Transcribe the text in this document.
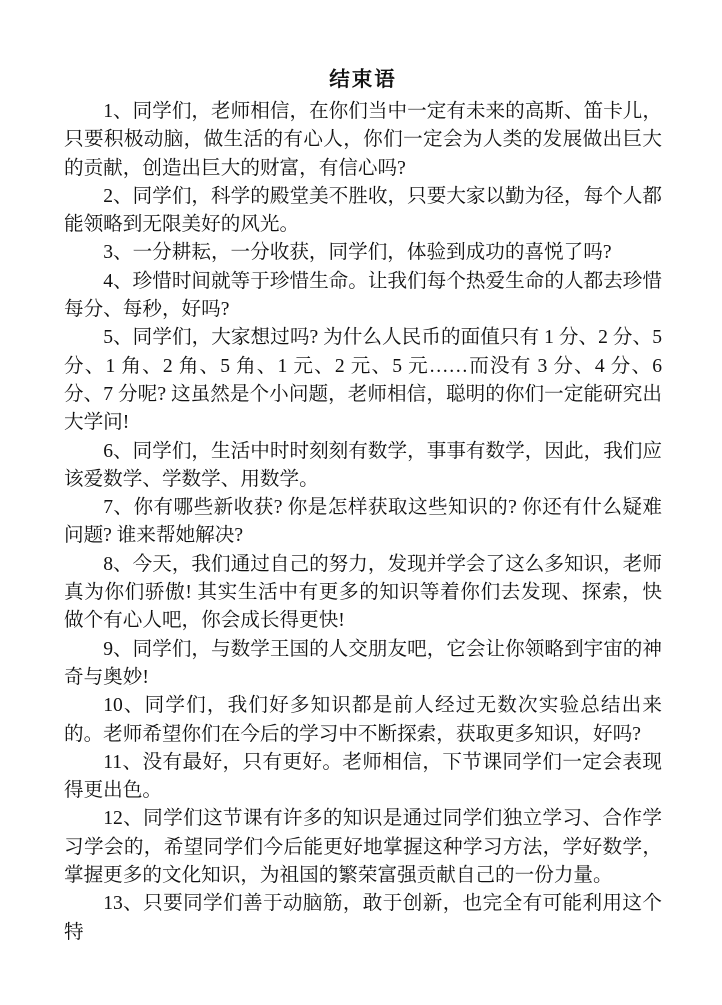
结束语

1、同学们，老师相信，在你们当中一定有未来的高斯、笛卡儿，只要积极动脑，做生活的有心人，你们一定会为人类的发展做出巨大的贡献，创造出巨大的财富，有信心吗?

2、同学们，科学的殿堂美不胜收，只要大家以勤为径，每个人都能领略到无限美好的风光。

3、一分耕耘，一分收获，同学们，体验到成功的喜悦了吗?

4、珍惜时间就等于珍惜生命。让我们每个热爱生命的人都去珍惜每分、每秒，好吗?

5、同学们，大家想过吗? 为什么人民币的面值只有 1 分、2 分、5 分、1 角、2 角、5 角、1 元、2 元、5 元……而没有 3 分、4 分、6 分、7 分呢? 这虽然是个小问题，老师相信，聪明的你们一定能研究出大学问!

6、同学们，生活中时时刻刻有数学，事事有数学，因此，我们应该爱数学、学数学、用数学。

7、你有哪些新收获? 你是怎样获取这些知识的? 你还有什么疑难问题? 谁来帮她解决?

8、今天，我们通过自己的努力，发现并学会了这么多知识，老师真为你们骄傲! 其实生活中有更多的知识等着你们去发现、探索，快做个有心人吧，你会成长得更快!

9、同学们，与数学王国的人交朋友吧，它会让你领略到宇宙的神奇与奥妙!

10、同学们，我们好多知识都是前人经过无数次实验总结出来的。老师希望你们在今后的学习中不断探索，获取更多知识，好吗?

11、没有最好，只有更好。老师相信，下节课同学们一定会表现得更出色。

12、同学们这节课有许多的知识是通过同学们独立学习、合作学习学会的，希望同学们今后能更好地掌握这种学习方法，学好数学，掌握更多的文化知识，为祖国的繁荣富强贡献自己的一份力量。

13、只要同学们善于动脑筋，敢于创新，也完全有可能利用这个特
